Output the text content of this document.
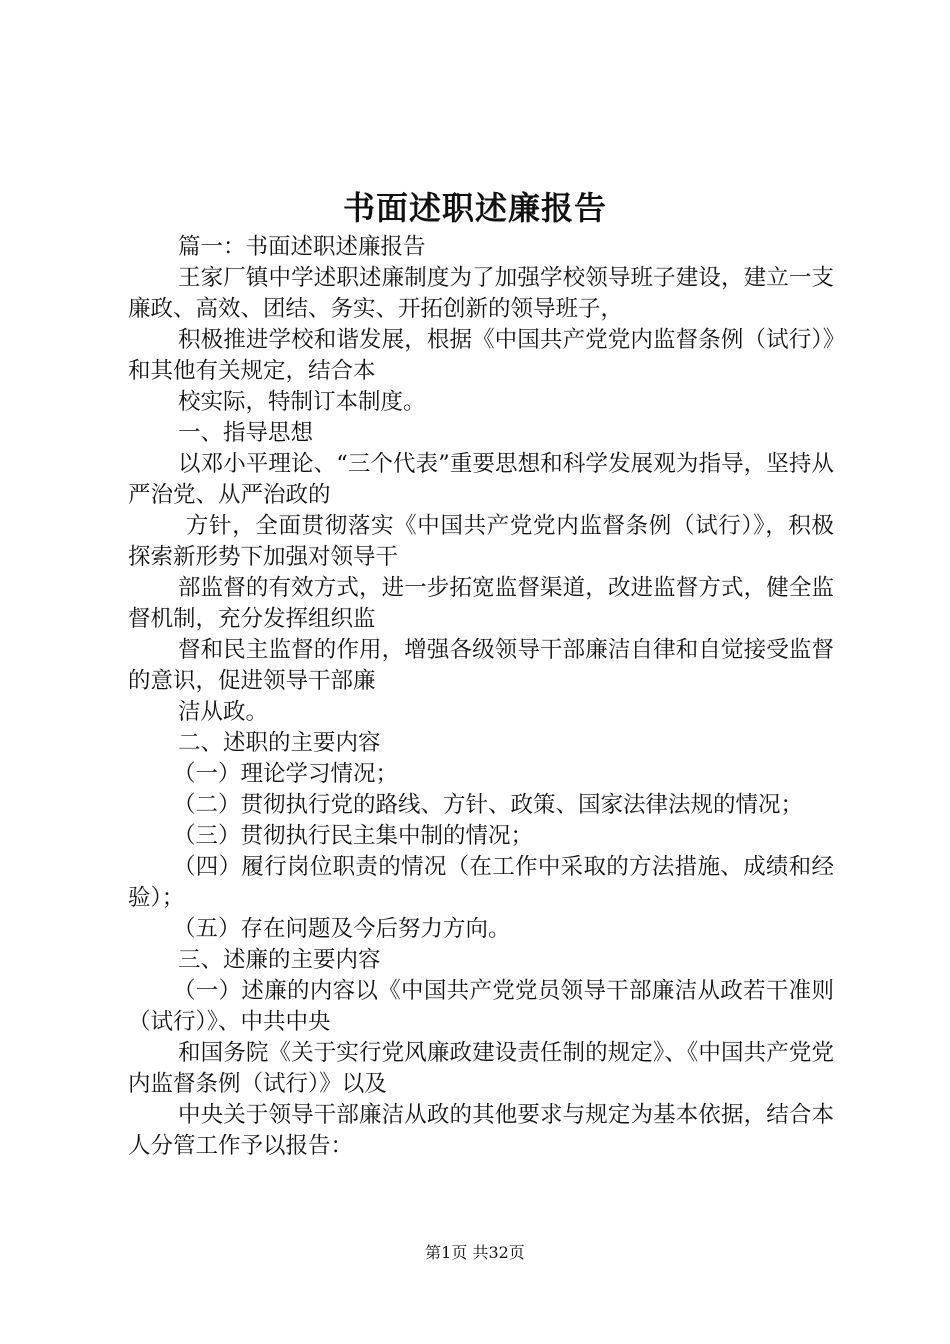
书面述职述廉报告

篇一：书面述职述廉报告

王家厂镇中学述职述廉制度为了加强学校领导班子建设，建立一支廉政、高效、团结、务实、开拓创新的领导班子，

积极推进学校和谐发展，根据《中国共产党党内监督条例（试行）》和其他有关规定，结合本

校实际，特制订本制度。

一、指导思想

以邓小平理论、“三个代表”重要思想和科学发展观为指导，坚持从严治党、从严治政的

方针，全面贯彻落实《中国共产党党内监督条例（试行）》，积极探索新形势下加强对领导干

部监督的有效方式，进一步拓宽监督渠道，改进监督方式，健全监督机制，充分发挥组织监

督和民主监督的作用，增强各级领导干部廉洁自律和自觉接受监督的意识，促进领导干部廉

洁从政。

二、述职的主要内容

（一）理论学习情况；

（二）贯彻执行党的路线、方针、政策、国家法律法规的情况；

（三）贯彻执行民主集中制的情况；

（四）履行岗位职责的情况（在工作中采取的方法措施、成绩和经验）；

（五）存在问题及今后努力方向。

三、述廉的主要内容

（一）述廉的内容以《中国共产党党员领导干部廉洁从政若干准则（试行）》、中共中央

和国务院《关于实行党风廉政建设责任制的规定》、《中国共产党党内监督条例（试行）》以及

中央关于领导干部廉洁从政的其他要求与规定为基本依据，结合本人分管工作予以报告：

第1页 共32页
